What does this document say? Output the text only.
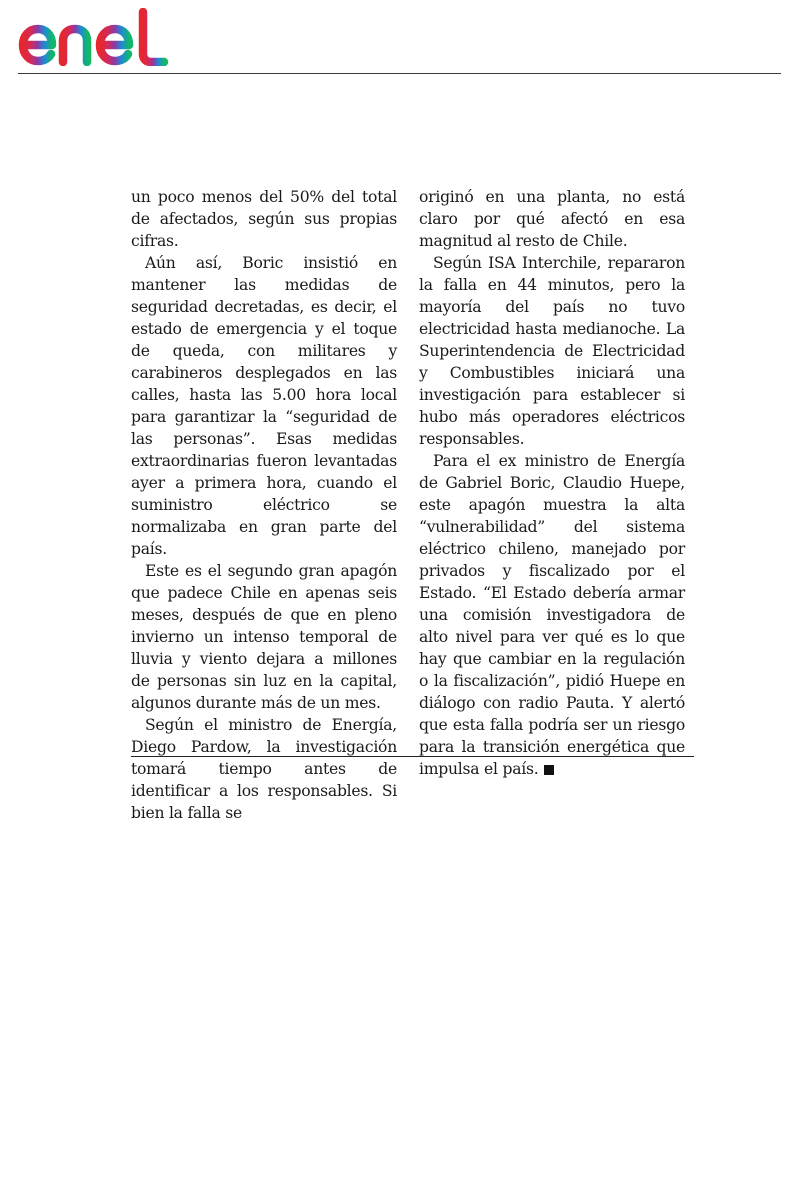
un poco menos del 50% del total de afectados, según sus propias cifras.

Aún así, Boric insistió en mantener las medidas de seguridad decretadas, es decir, el estado de emergencia y el toque de queda, con militares y carabineros desplegados en las calles, hasta las 5.00 hora local para garantizar la “seguridad de las personas”. Esas medidas extraordinarias fueron levantadas ayer a primera hora, cuando el suministro eléctrico se normalizaba en gran parte del país.

Este es el segundo gran apagón que padece Chile en apenas seis meses, después de que en pleno invierno un intenso temporal de lluvia y viento dejara a millones de personas sin luz en la capital, algunos durante más de un mes.

Según el ministro de Energía, Diego Pardow, la investigación tomará tiempo antes de identificar a los responsables. Si bien la falla se

originó en una planta, no está claro por qué afectó en esa magnitud al resto de Chile.

Según ISA Interchile, repararon la falla en 44 minutos, pero la mayoría del país no tuvo electricidad hasta medianoche. La Superintendencia de Electricidad y Combustibles iniciará una investigación para establecer si hubo más operadores eléctricos responsables.

Para el ex ministro de Energía de Gabriel Boric, Claudio Huepe, este apagón muestra la alta “vulnerabilidad” del sistema eléctrico chileno, manejado por privados y fiscalizado por el Estado. “El Estado debería armar una comisión investigadora de alto nivel para ver qué es lo que hay que cambiar en la regulación o la fiscalización”, pidió Huepe en diálogo con radio Pauta. Y alertó que esta falla podría ser un riesgo para la transición energética que impulsa el país.
